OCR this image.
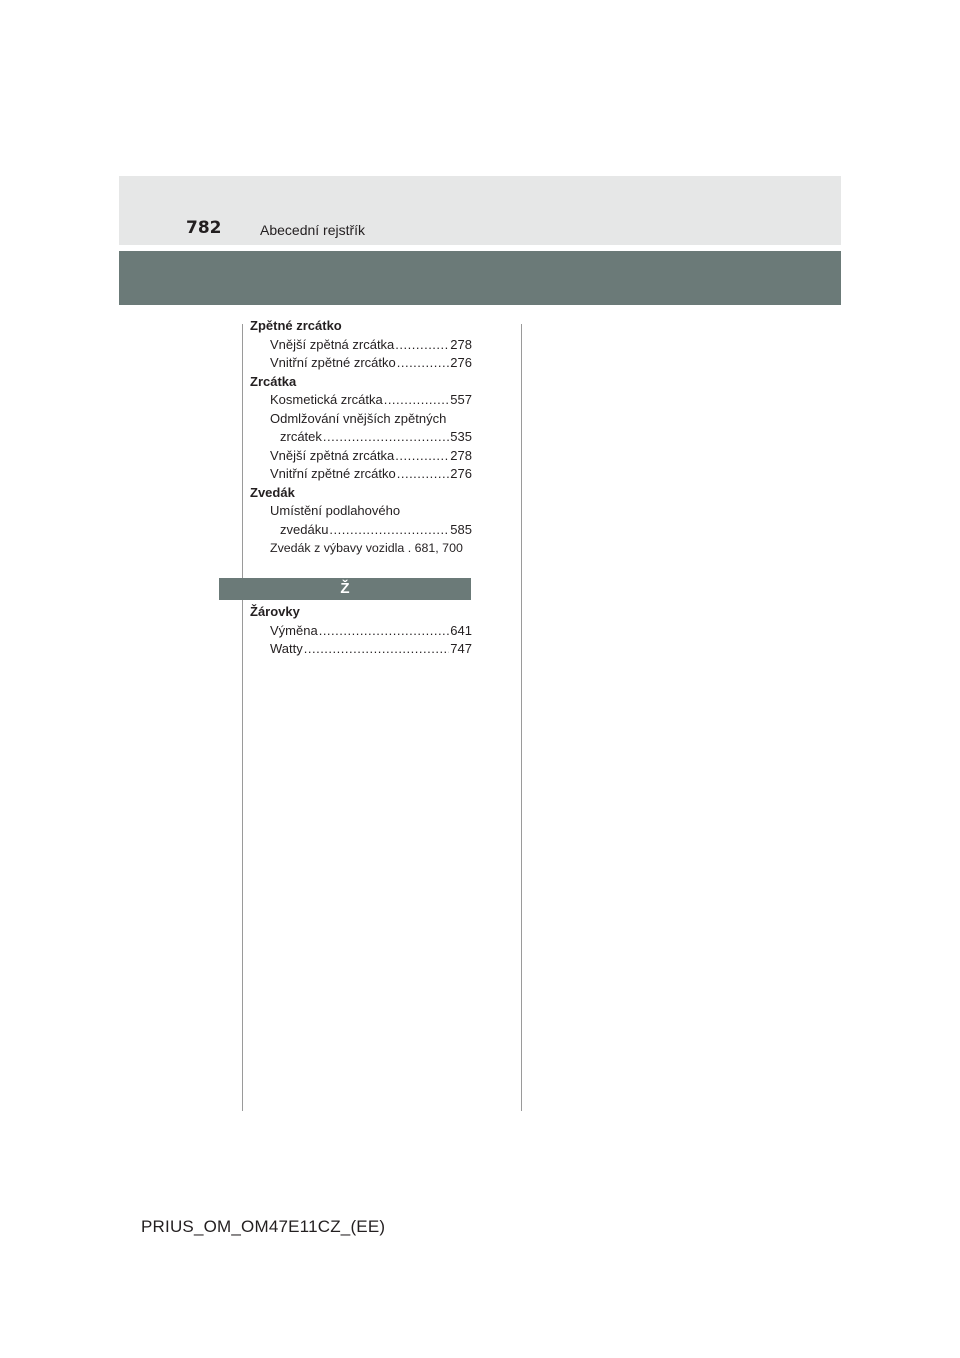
782	Abecední rejstřík
Zpětné zrcátko
Vnější zpětná zrcátka .....	278
Vnitřní zpětné zrcátko .....	276
Zrcátka
Kosmetická zrcátka .....	557
Odmlžování vnějších zpětných
zrcátek .....	535
Vnější zpětná zrcátka .....	278
Vnitřní zpětné zrcátko .....	276
Zvedák
Umístění podlahového
zvedáku .....	585
Zvedák z výbavy vozidla . 681, 700
Ž
Žárovky
Výměna .....	641
Watty .....	747
PRIUS_OM_OM47E11CZ_(EE)
